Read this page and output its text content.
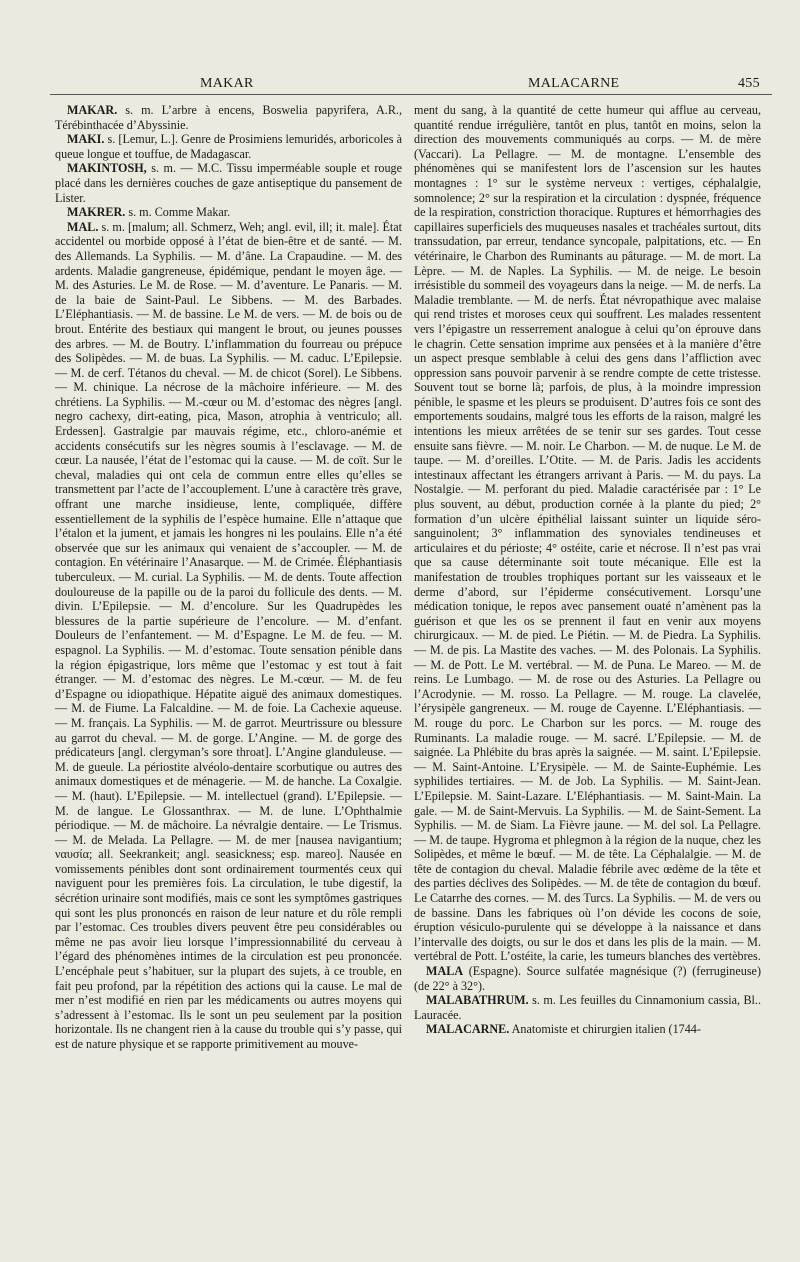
MAKAR	MALACARNE	455

MAKAR. s. m. L’arbre à encens, Boswelia papyrifera, A.R., Térébinthacée d’Abyssinie.

MAKI. s. [Lemur, L.]. Genre de Prosimiens lemuridés, arboricoles à queue longue et touffue, de Madagascar.

MAKINTOSH, s. m. — M.C. Tissu imperméable souple et rouge placé dans les dernières couches de gaze antiseptique du pansement de Lister.

MAKRER. s. m. Comme Makar.

MAL. s. m. [malum; all. Schmerz, Weh; angl. evil, ill; it. male]. État accidentel ou morbide opposé à l’état de bien-être et de santé. — M. des Allemands. La Syphilis. — M. d’âne. La Crapaudine. — M. des ardents. Maladie gangreneuse, épidémique, pendant le moyen âge. — M. des Asturies. Le M. de Rose. — M. d’aventure. Le Panaris. — M. de la baie de Saint-Paul. Le Sibbens. — M. des Barbades. L’Eléphantiasis. — M. de bassine. Le M. de vers. — M. de bois ou de brout. Entérite des bestiaux qui mangent le brout, ou jeunes pousses des arbres. — M. de Boutry. L’inflammation du fourreau ou prépuce des Solipèdes. — M. de buas. La Syphilis. — M. caduc. L’Epilepsie. — M. de cerf. Tétanos du cheval. — M. de chicot (Sorel). Le Sibbens. — M. chinique. La nécrose de la mâchoire inférieure. — M. des chrétiens. La Syphilis. — M.-cœur ou M. d’estomac des nègres [angl. negro cachexy, dirt-eating, pica, Mason, atrophia à ventriculo; all. Erdessen]. Gastralgie par mauvais régime, etc., chloro-anémie et accidents consécutifs sur les nègres soumis à l’esclavage. — M. de cœur. La nausée, l’état de l’estomac qui la cause. — M. de coït. Sur le cheval, maladies qui ont cela de commun entre elles qu’elles se transmettent par l’acte de l’accouplement. L’une à caractère très grave, offrant une marche insidieuse, lente, compliquée, diffère essentiellement de la syphilis de l’espèce humaine. Elle n’attaque que l’étalon et la jument, et jamais les hongres ni les poulains. Elle n’a été observée que sur les animaux qui venaient de s’accoupler. — M. de contagion. En vétérinaire l’Anasarque. — M. de Crimée. Éléphantiasis tuberculeux. — M. curial. La Syphilis. — M. de dents. Toute affection douloureuse de la papille ou de la paroi du follicule des dents. — M. divin. L’Epilepsie. — M. d’encolure. Sur les Quadrupèdes les blessures de la partie supérieure de l’encolure. — M. d’enfant. Douleurs de l’enfantement. — M. d’Espagne. Le M. de feu. — M. espagnol. La Syphilis. — M. d’estomac. Toute sensation pénible dans la région épigastrique, lors même que l’estomac y est tout à fait étranger. — M. d’estomac des nègres. Le M.-cœur. — M. de feu d’Espagne ou idiopathique. Hépatite aiguë des animaux domestiques. — M. de Fiume. La Falcaldine. — M. de foie. La Cachexie aqueuse. — M. français. La Syphilis. — M. de garrot. Meurtrissure ou blessure au garrot du cheval. — M. de gorge. L’Angine. — M. de gorge des prédicateurs [angl. clergyman’s sore throat]. L’Angine glanduleuse. — M. de gueule. La périostite alvéolo-dentaire scorbutique ou autres des animaux domestiques et de ménagerie. — M. de hanche. La Coxalgie. — M. (haut). L’Epilepsie. — M. intellectuel (grand). L’Epilepsie. — M. de langue. Le Glossanthrax. — M. de lune. L’Ophthalmie périodique. — M. de mâchoire. La névralgie dentaire. — Le Trismus. — M. de Melada. La Pellagre. — M. de mer [nausea navigantium; ναυσία; all. Seekrankeit; angl. seasickness; esp. mareo]. Nausée en vomissements pénibles dont sont ordinairement tourmentés ceux qui naviguent pour les premières fois. La circulation, le tube digestif, la sécrétion urinaire sont modifiés, mais ce sont les symptômes gastriques qui sont les plus prononcés en raison de leur nature et du rôle rempli par l’estomac. Ces troubles divers peuvent être peu considérables ou même ne pas avoir lieu lorsque l’impressionnabilité du cerveau à l’égard des phénomènes intimes de la circulation est peu prononcée. L’encéphale peut s’habituer, sur la plupart des sujets, à ce trouble, en fait peu profond, par la répétition des actions qui la cause. Le mal de mer n’est modifié en rien par les médicaments ou autres moyens qui s’adressent à l’estomac. Ils le sont un peu seulement par la position horizontale. Ils ne changent rien à la cause du trouble qui s’y passe, qui est de nature physique et se rapporte primitivement au mouve-

ment du sang, à la quantité de cette humeur qui afflue au cerveau, quantité rendue irrégulière, tantôt en plus, tantôt en moins, selon la direction des mouvements communiqués au corps. — M. de mère (Vaccari). La Pellagre. — M. de montagne. L’ensemble des phénomènes qui se manifestent lors de l’ascension sur les hautes montagnes : 1° sur le système nerveux : vertiges, céphalalgie, somnolence; 2° sur la respiration et la circulation : dyspnée, fréquence de la respiration, constriction thoracique. Ruptures et hémorrhagies des capillaires superficiels des muqueuses nasales et trachéales surtout, dits transsudation, par erreur, tendance syncopale, palpitations, etc. — En vétérinaire, le Charbon des Ruminants au pâturage. — M. de mort. La Lèpre. — M. de Naples. La Syphilis. — M. de neige. Le besoin irrésistible du sommeil des voyageurs dans la neige. — M. de nerfs. La Maladie tremblante. — M. de nerfs. État névropathique avec malaise qui rend tristes et moroses ceux qui souffrent. Les malades ressentent vers l’épigastre un resserrement analogue à celui qu’on éprouve dans le chagrin. Cette sensation imprime aux pensées et à la manière d’être un aspect presque semblable à celui des gens dans l’affliction avec oppression sans pouvoir parvenir à se rendre compte de cette tristesse. Souvent tout se borne là; parfois, de plus, à la moindre impression pénible, le spasme et les pleurs se produisent. D’autres fois ce sont des emportements soudains, malgré tous les efforts de la raison, malgré les intentions les mieux arrêtées de se tenir sur ses gardes. Tout cesse ensuite sans fièvre. — M. noir. Le Charbon. — M. de nuque. Le M. de taupe. — M. d’oreilles. L’Otite. — M. de Paris. Jadis les accidents intestinaux affectant les étrangers arrivant à Paris. — M. du pays. La Nostalgie. — M. perforant du pied. Maladie caractérisée par : 1° Le plus souvent, au début, production cornée à la plante du pied; 2° formation d’un ulcère épithélial laissant suinter un liquide séro-sanguinolent; 3° inflammation des synoviales tendineuses et articulaires et du périoste; 4° ostéite, carie et nécrose. Il n’est pas vrai que sa cause déterminante soit toute mécanique. Elle est la manifestation de troubles trophiques portant sur les vaisseaux et le derme d’abord, sur l’épiderme consécutivement. Lorsqu’une médication tonique, le repos avec pansement ouaté n’amènent pas la guérison et que les os se prennent il faut en venir aux moyens chirurgicaux. — M. de pied. Le Piétin. — M. de Piedra. La Syphilis. — M. de pis. La Mastite des vaches. — M. des Polonais. La Syphilis. — M. de Pott. Le M. vertébral. — M. de Puna. Le Mareo. — M. de reins. Le Lumbago. — M. de rose ou des Asturies. La Pellagre ou l’Acrodynie. — M. rosso. La Pellagre. — M. rouge. La clavelée, l’érysipèle gangreneux. — M. rouge de Cayenne. L’Eléphantiasis. — M. rouge du porc. Le Charbon sur les porcs. — M. rouge des Ruminants. La maladie rouge. — M. sacré. L’Epilepsie. — M. de saignée. La Phlébite du bras après la saignée. — M. saint. L’Epilepsie. — M. Saint-Antoine. L’Erysipèle. — M. de Sainte-Euphémie. Les syphilides tertiaires. — M. de Job. La Syphilis. — M. Saint-Jean. L’Epilepsie. M. Saint-Lazare. L’Eléphantiasis. — M. Saint-Main. La gale. — M. de Saint-Mervuis. La Syphilis. — M. de Saint-Sement. La Syphilis. — M. de Siam. La Fièvre jaune. — M. del sol. La Pellagre. — M. de taupe. Hygroma et phlegmon à la région de la nuque, chez les Solipèdes, et même le bœuf. — M. de tête. La Céphalalgie. — M. de tête de contagion du cheval. Maladie fébrile avec œdème de la tête et des parties déclives des Solipèdes. — M. de tête de contagion du bœuf. Le Catarrhe des cornes. — M. des Turcs. La Syphilis. — M. de vers ou de bassine. Dans les fabriques où l’on dévide les cocons de soie, éruption vésiculo-purulente qui se développe à la naissance et dans l’intervalle des doigts, ou sur le dos et dans les plis de la main. — M. vertébral de Pott. L’ostéite, la carie, les tumeurs blanches des vertèbres.

MALA (Espagne). Source sulfatée magnésique (?) (ferrugineuse) (de 22° à 32°).

MALABATHRUM. s. m. Les feuilles du Cinnamonium cassia, Bl.. Lauracée.

MALACARNE. Anatomiste et chirurgien italien (1744-
